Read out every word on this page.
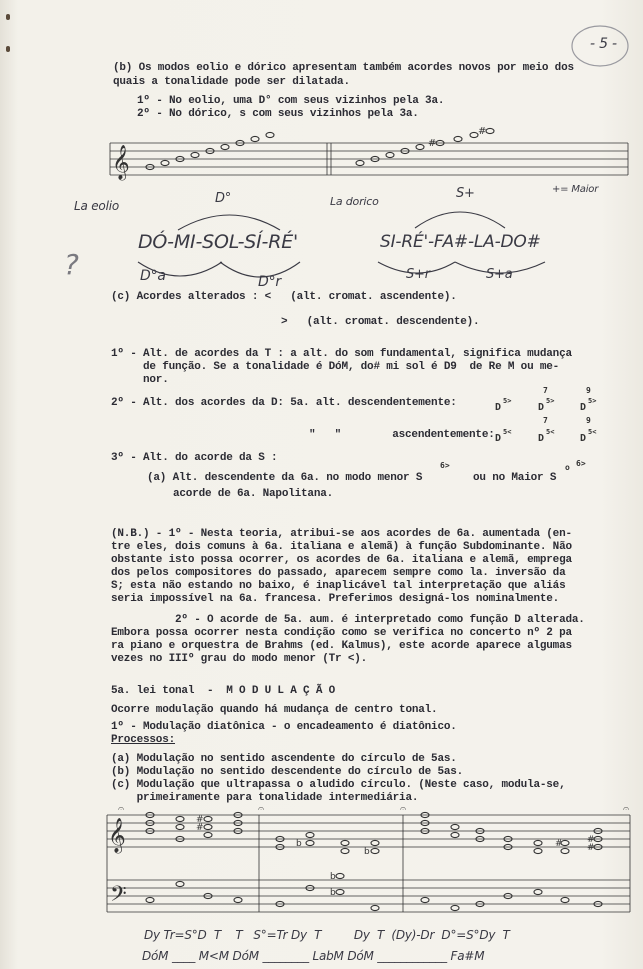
- 5 -
(b) Os modos eolio e dórico apresentam também acordes novos por meio dos
quais a tonalidade pode ser dilatada.
1º - No eolio, uma D° com seus vizinhos pela 3a.
2º - No dórico, s com seus vizinhos pela 3a.
La eolio	D°	La dorico
S+	+= Maior
DÓ-MI-SOL-SÍ-RÉ'	SI-RÉ'-FA#-LA-DO#
D°a	D°r	S+r	S+a
?
(c) Acordes alterados : <   (alt. cromat. ascendente).
>   (alt. cromat. descendente).
1º - Alt. de acordes da T : a alt. do som fundamental, significa mudança
de função. Se a tonalidade é DóM, do# mi sol é D9  de Re M ou me-
nor.
2º - Alt. dos acordes da D: 5a. alt. descendentemente:
"   "        ascendentemente:
3º - Alt. do acorde da S :
(a) Alt. descendente da 6a. no modo menor S	ou no Maior S
acorde de 6a. Napolitana.
(N.B.) - 1º - Nesta teoria, atribui-se aos acordes de 6a. aumentada (en-
tre eles, dois comuns à 6a. italiana e alemã) à função Subdominante. Não
obstante isto possa ocorrer, os acordes de 6a. italiana e alemã, emprega
dos pelos compositores do passado, aparecem sempre como la. inversão da
S; esta não estando no baixo, é inaplicável tal interpretação que aliás
seria impossível na 6a. francesa. Preferimos designá-los nominalmente.
2º - O acorde de 5a. aum. é interpretado como função D alterada.
Embora possa ocorrer nesta condição como se verifica no concerto nº 2 pa
ra piano e orquestra de Brahms (ed. Kalmus), este acorde aparece algumas
vezes no IIIº grau do modo menor (Tr <).
5a. lei tonal  -  M O D U L A Ç Ã O
Ocorre modulação quando há mudança de centro tonal.
1º - Modulação diatônica - o encadeamento é diatônico.
Processos:
(a) Modulação no sentido ascendente do círculo de 5as.
(b) Modulação no sentido descendente do círculo de 5as.
(c) Modulação que ultrapassa o aludido círculo. (Neste caso, modula-se,
primeiramente para tonalidade intermediária.
Dy Tr=S°D  T    T   S°=Tr Dy  T         Dy  T  (Dy)-Dr  D°=S°Dy  T
DóM ____ M<M DóM ________ LabM DóM ____________ Fa#M
𝄞
#
#
D
5>
D
5>
7
D
5>
9
D
5<
D
5<
7
D
5<
9
6>	o 6>
𝄞
𝄢
#
#
b
b
b
b
#	#
#
𝄐	𝄐	𝄐	𝄐
